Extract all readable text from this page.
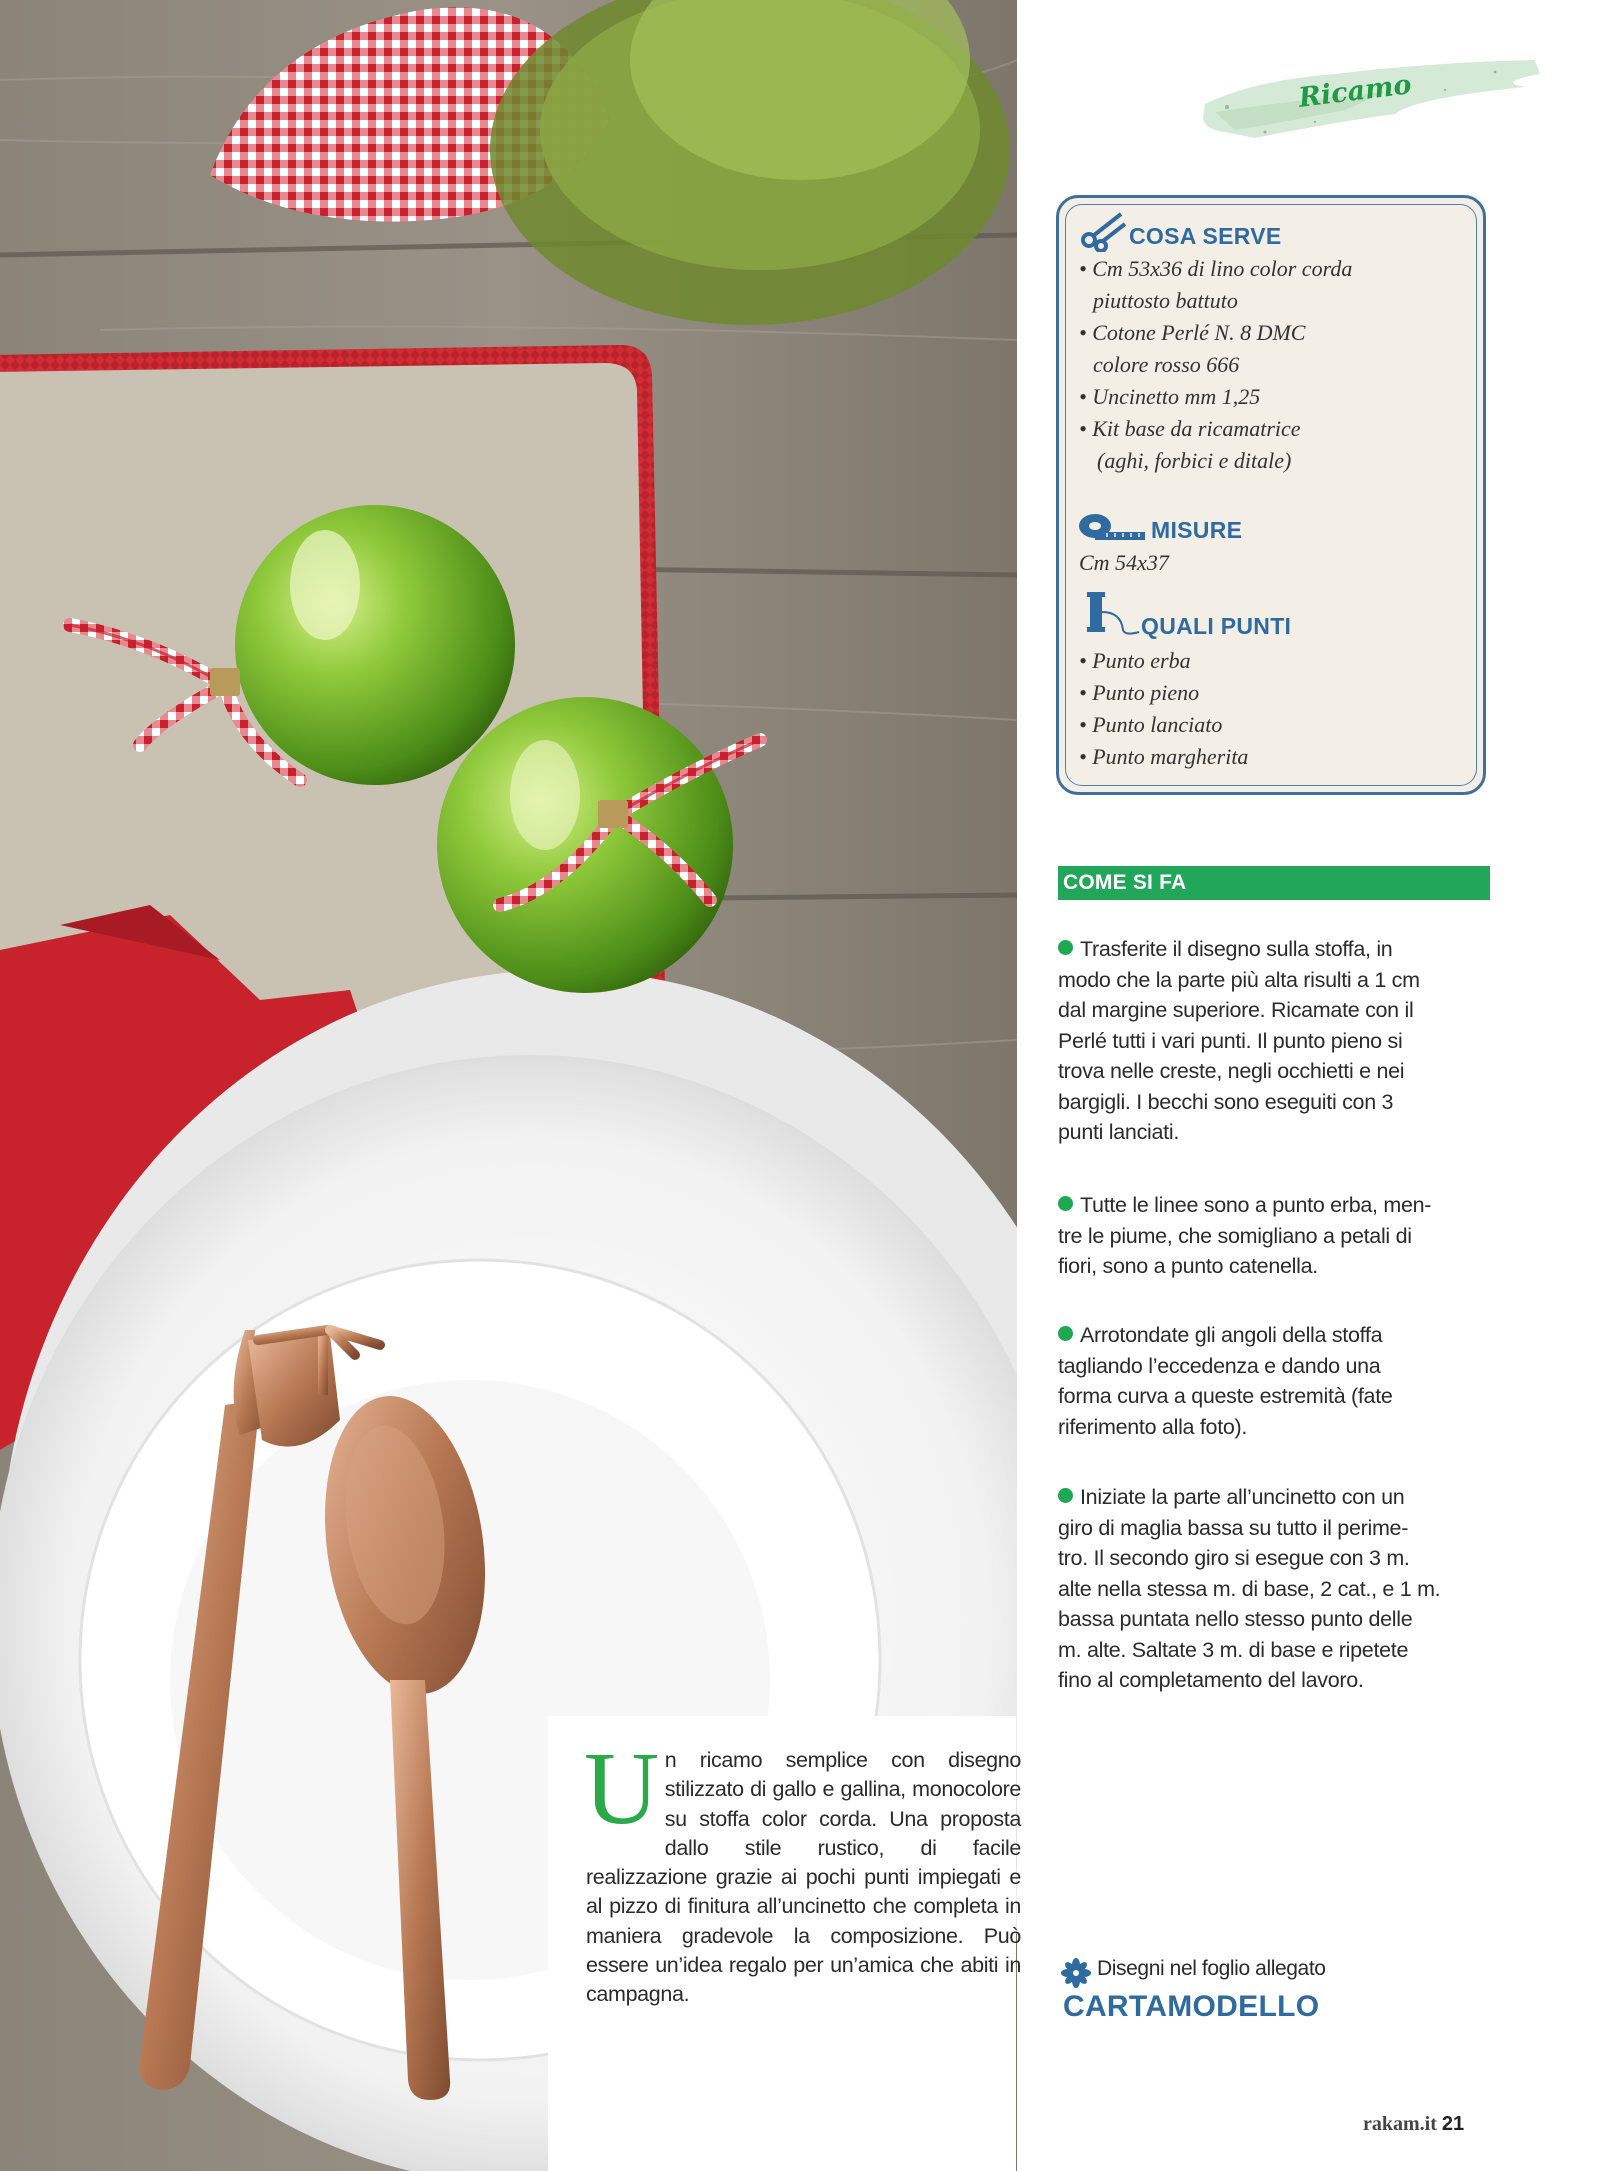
Un ricamo semplice con disegno stilizzato di gallo e gallina, monocolore su stoffa color corda. Una proposta dallo stile rustico, di facile realizzazione grazie ai pochi punti impiegati e al pizzo di finitura all’uncinetto che completa in maniera gradevole la composizione. Può essere un’idea regalo per un’amica che abiti in campagna.

Ricamo
COSA SERVE
• Cm 53x36 di lino color corda
piuttosto battuto
• Cotone Perlé N. 8 DMC
colore rosso 666
• Uncinetto mm 1,25
• Kit base da ricamatrice
(aghi, forbici e ditale)
MISURE
Cm 54x37
QUALI PUNTI
• Punto erba
• Punto pieno
• Punto lanciato
• Punto margherita
COME SI FA

Trasferite il disegno sulla stoffa, in
modo che la parte più alta risulti a 1 cm
dal margine superiore. Ricamate con il
Perlé tutti i vari punti. Il punto pieno si
trova nelle creste, negli occhietti e nei
bargigli. I becchi sono eseguiti con 3
punti lanciati.

Tutte le linee sono a punto erba, men-
tre le piume, che somigliano a petali di
fiori, sono a punto catenella.

Arrotondate gli angoli della stoffa
tagliando l’eccedenza e dando una
forma curva a queste estremità (fate
riferimento alla foto).

Iniziate la parte all’uncinetto con un
giro di maglia bassa su tutto il perime-
tro. Il secondo giro si esegue con 3 m.
alte nella stessa m. di base, 2 cat., e 1 m.
bassa puntata nello stesso punto delle
m. alte. Saltate 3 m. di base e ripetete
fino al completamento del lavoro.

Disegni nel foglio allegato
CARTAMODELLO
rakam.it 21
